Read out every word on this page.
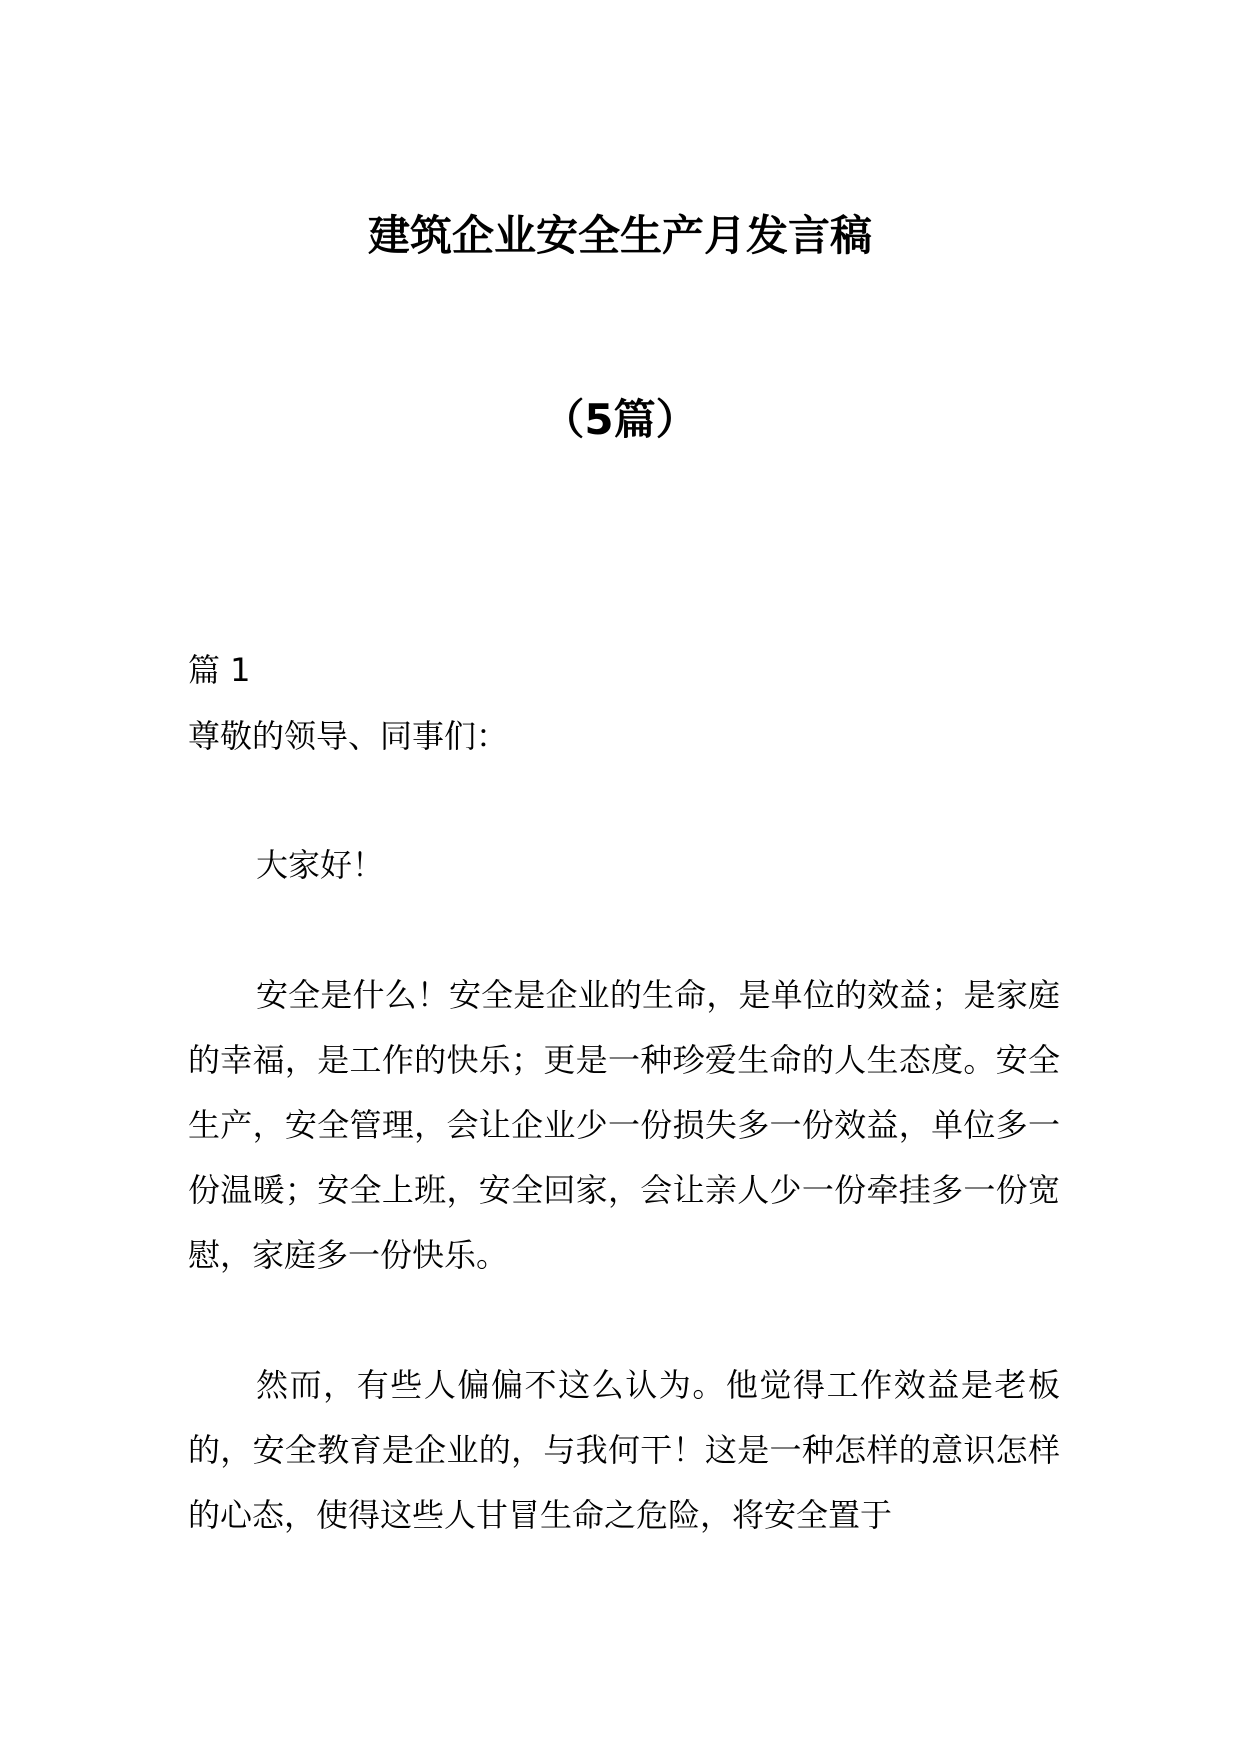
建筑企业安全生产月发言稿
（5篇）

篇 1

尊敬的领导、同事们：

大家好！

安全是什么！安全是企业的生命，是单位的效益；是家庭的幸福，是工作的快乐；更是一种珍爱生命的人生态度。安全生产，安全管理，会让企业少一份损失多一份效益，单位多一份温暖；安全上班，安全回家，会让亲人少一份牵挂多一份宽慰，家庭多一份快乐。

然而，有些人偏偏不这么认为。他觉得工作效益是老板的，安全教育是企业的，与我何干！这是一种怎样的意识怎样的心态，使得这些人甘冒生命之危险，将安全置于
